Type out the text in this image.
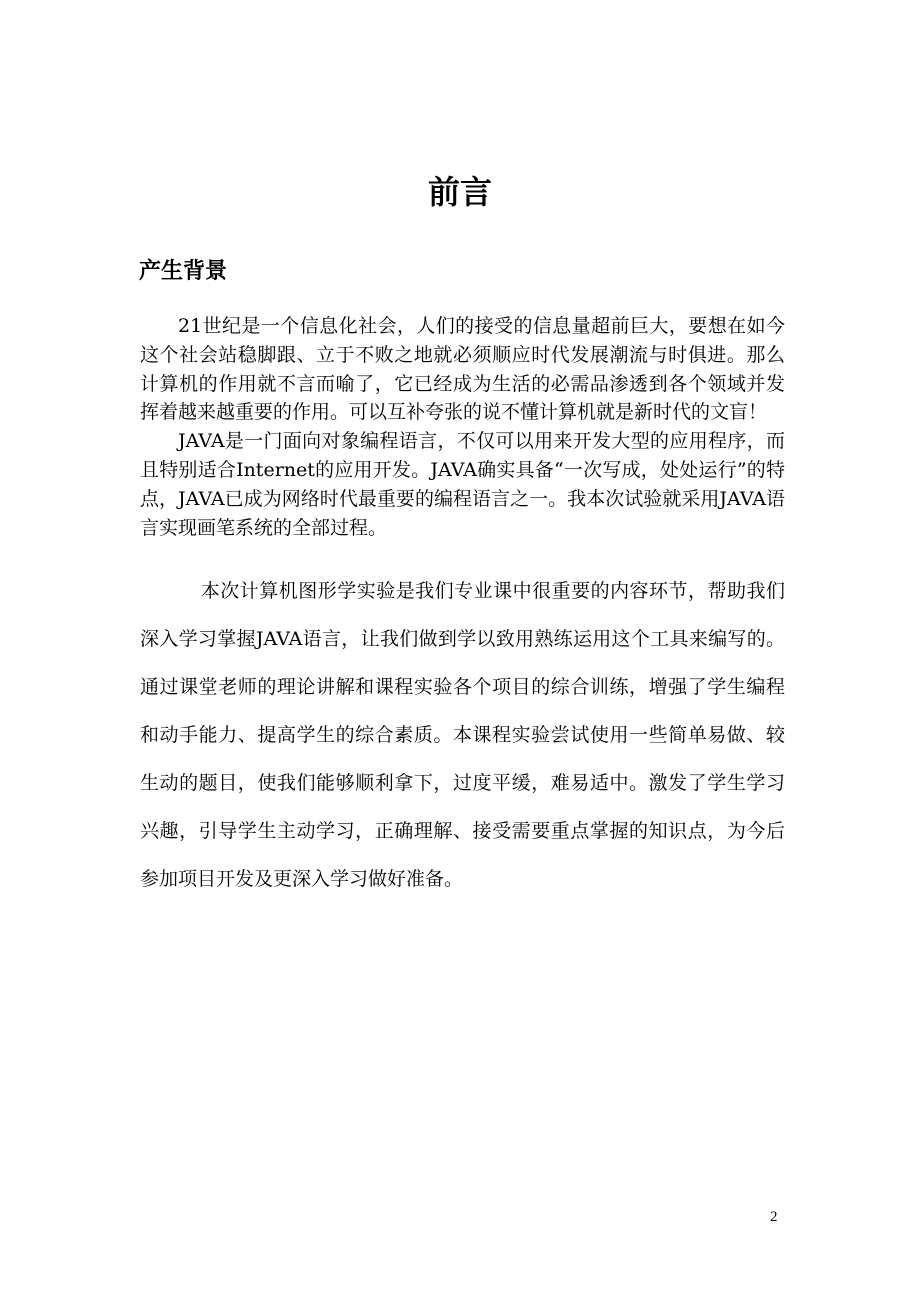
前言
产生背景

21世纪是一个信息化社会，人们的接受的信息量超前巨大，要想在如今这个社会站稳脚跟、立于不败之地就必须顺应时代发展潮流与时俱进。那么计算机的作用就不言而喻了，它已经成为生活的必需品渗透到各个领域并发挥着越来越重要的作用。可以互补夸张的说不懂计算机就是新时代的文盲！

JAVA是一门面向对象编程语言，不仅可以用来开发大型的应用程序，而且特别适合Internet的应用开发。JAVA确实具备“一次写成，处处运行”的特点，JAVA已成为网络时代最重要的编程语言之一。我本次试验就采用JAVA语言实现画笔系统的全部过程。

本次计算机图形学实验是我们专业课中很重要的内容环节，帮助我们深入学习掌握JAVA语言，让我们做到学以致用熟练运用这个工具来编写的。通过课堂老师的理论讲解和课程实验各个项目的综合训练，增强了学生编程和动手能力、提高学生的综合素质。本课程实验尝试使用一些简单易做、较生动的题目，使我们能够顺利拿下，过度平缓，难易适中。激发了学生学习兴趣，引导学生主动学习，正确理解、接受需要重点掌握的知识点，为今后参加项目开发及更深入学习做好准备。

2
